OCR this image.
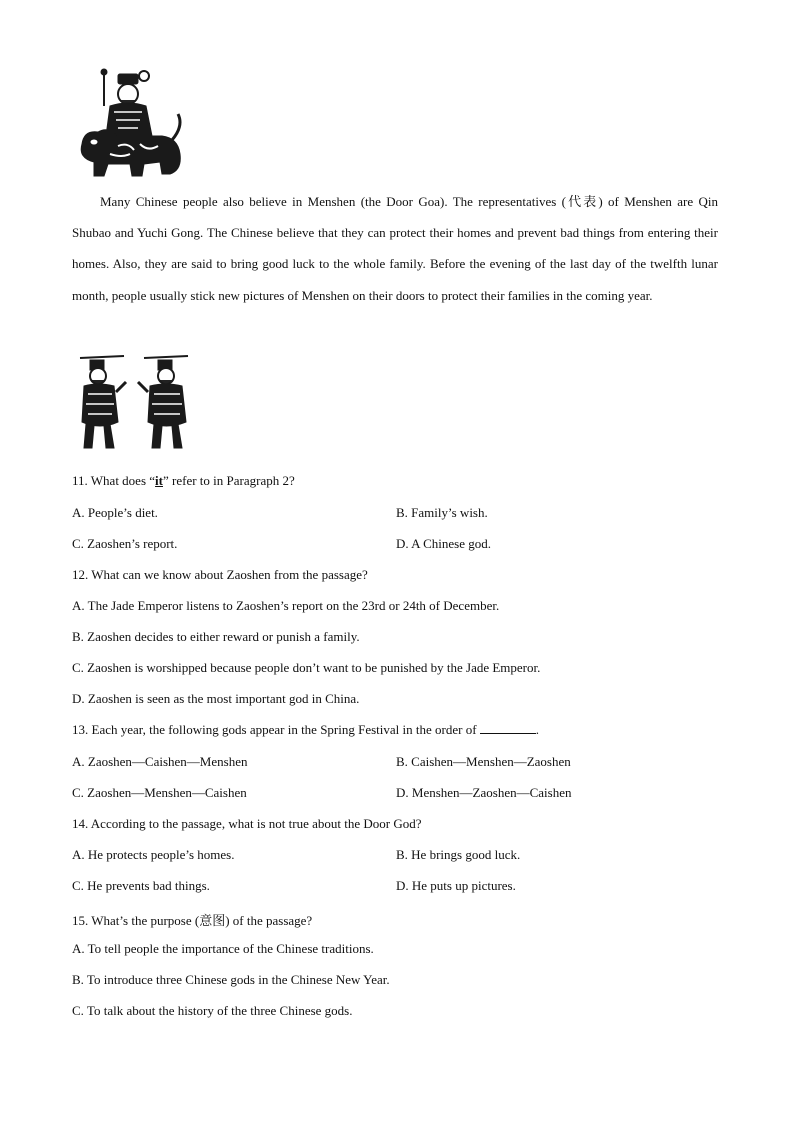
Many Chinese people also believe in Menshen (the Door Goa). The representatives (代表) of Menshen are Qin Shubao and Yuchi Gong. The Chinese believe that they can protect their homes and prevent bad things from entering their homes. Also, they are said to bring good luck to the whole family. Before the evening of the last day of the twelfth lunar month, people usually stick new pictures of Menshen on their doors to protect their families in the coming year.
11. What does “it” refer to in Paragraph 2?
A. People’s diet.	B. Family’s wish.
C. Zaoshen’s report.	D. A Chinese god.
12. What can we know about Zaoshen from the passage?
A. The Jade Emperor listens to Zaoshen’s report on the 23rd or 24th of December.
B. Zaoshen decides to either reward or punish a family.
C. Zaoshen is worshipped because people don’t want to be punished by the Jade Emperor.
D. Zaoshen is seen as the most important god in China.
13. Each year, the following gods appear in the Spring Festival in the order of	.
A. Zaoshen—Caishen—Menshen	B. Caishen—Menshen—Zaoshen
C. Zaoshen—Menshen—Caishen	D. Menshen—Zaoshen—Caishen
14. According to the passage, what is not true about the Door God?
A. He protects people’s homes.	B. He brings good luck.
C. He prevents bad things.	D. He puts up pictures.
15. What’s the purpose (意图) of the passage?
A. To tell people the importance of the Chinese traditions.
B. To introduce three Chinese gods in the Chinese New Year.
C. To talk about the history of the three Chinese gods.
